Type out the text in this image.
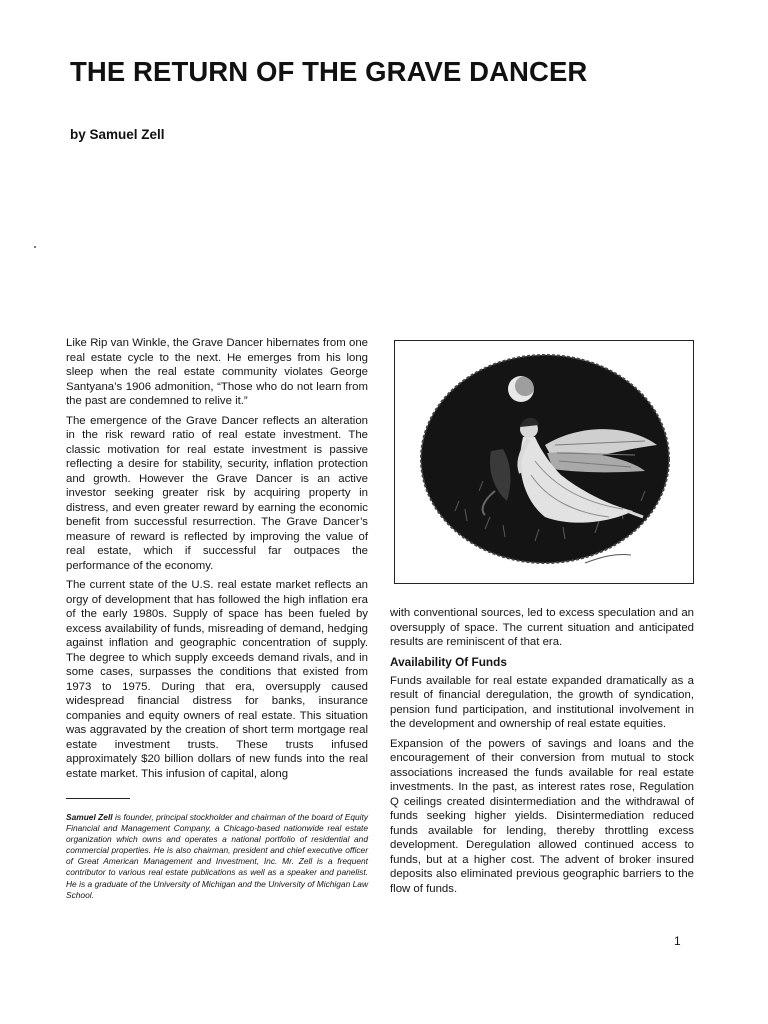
THE RETURN OF THE GRAVE DANCER

by Samuel Zell

Like Rip van Winkle, the Grave Dancer hibernates from one real estate cycle to the next. He emerges from his long sleep when the real estate community violates George Santyana’s 1906 admonition, “Those who do not learn from the past are condemned to relive it.”

The emergence of the Grave Dancer reflects an alteration in the risk reward ratio of real estate investment. The classic motivation for real estate investment is passive reflecting a desire for stability, security, inflation protection and growth. However the Grave Dancer is an active investor seeking greater risk by acquiring property in distress, and even greater reward by earning the economic benefit from successful resurrection. The Grave Dancer’s measure of reward is reflected by improving the value of real estate, which if successful far outpaces the performance of the economy.

The current state of the U.S. real estate market reflects an orgy of development that has followed the high inflation era of the early 1980s. Supply of space has been fueled by excess availability of funds, misreading of demand, hedging against inflation and geographic concentration of supply. The degree to which supply exceeds demand rivals, and in some cases, surpasses the conditions that existed from 1973 to 1975. During that era, oversupply caused widespread financial distress for banks, insurance companies and equity owners of real estate. This situation was aggravated by the creation of short term mortgage real estate investment trusts. These trusts infused approximately $20 billion dollars of new funds into the real estate market. This infusion of capital, along

Samuel Zell is founder, principal stockholder and chairman of the board of Equity Financial and Management Company, a Chicago-based nationwide real estate organization which owns and operates a national portfolio of residential and commercial properties. He is also chairman, president and chief executive officer of Great American Management and Investment, Inc. Mr. Zell is a frequent contributor to various real estate publications as well as a speaker and panelist. He is a graduate of the University of Michigan and the University of Michigan Law School.

with conventional sources, led to excess speculation and an oversupply of space. The current situation and anticipated results are reminiscent of that era.

Availability Of Funds

Funds available for real estate expanded dramatically as a result of financial deregulation, the growth of syndication, pension fund participation, and institutional involvement in the development and ownership of real estate equities.

Expansion of the powers of savings and loans and the encouragement of their conversion from mutual to stock associations increased the funds available for real estate investments. In the past, as interest rates rose, Regulation Q ceilings created disintermediation and the withdrawal of funds seeking higher yields. Disintermediation reduced funds available for lending, thereby throttling excess development. Deregulation allowed continued access to funds, but at a higher cost. The advent of broker insured deposits also eliminated previous geographic barriers to the flow of funds.

1
